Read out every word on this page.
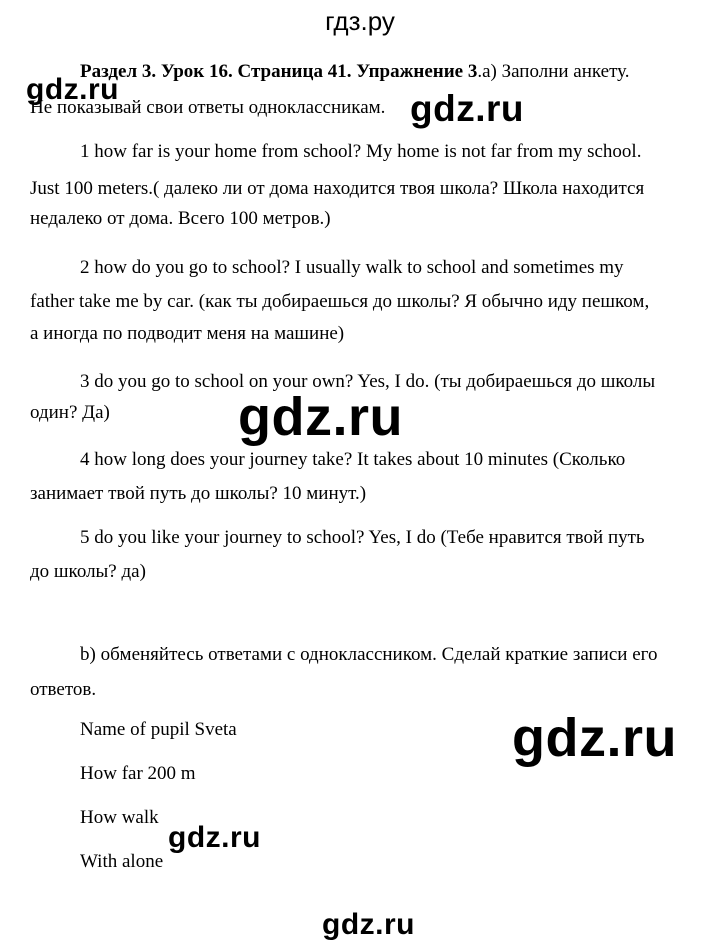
гдз.ру
Раздел 3. Урок 16. Страница 41. Упражнение 3.а) Заполни анкету.
Не показывай свои ответы одноклассникам.
1 how far is your home from school? My home is not far from my school.
Just 100 meters.( далеко ли от дома находится твоя школа? Школа находится
недалеко от дома. Всего 100 метров.)
2 how do you go to school? I usually walk to school and sometimes my
father take me by car. (как ты добираешься до школы? Я обычно иду пешком,
а иногда по подводит меня на машине)
3 do you go to school on your own? Yes, I do. (ты добираешься до школы
один? Да)
4 how long does your journey take? It takes about 10 minutes (Сколько
занимает твой путь до школы? 10 минут.)
5 do you like your journey to school? Yes, I do (Тебе нравится твой путь
до школы? да)
b) обменяйтесь ответами с одноклассником. Сделай краткие записи его
ответов.
Name of pupil Sveta
How far 200 m
How walk
With alone
gdz.ru	gdz.ru
gdz.ru
gdz.ru
gdz.ru
gdz.ru
